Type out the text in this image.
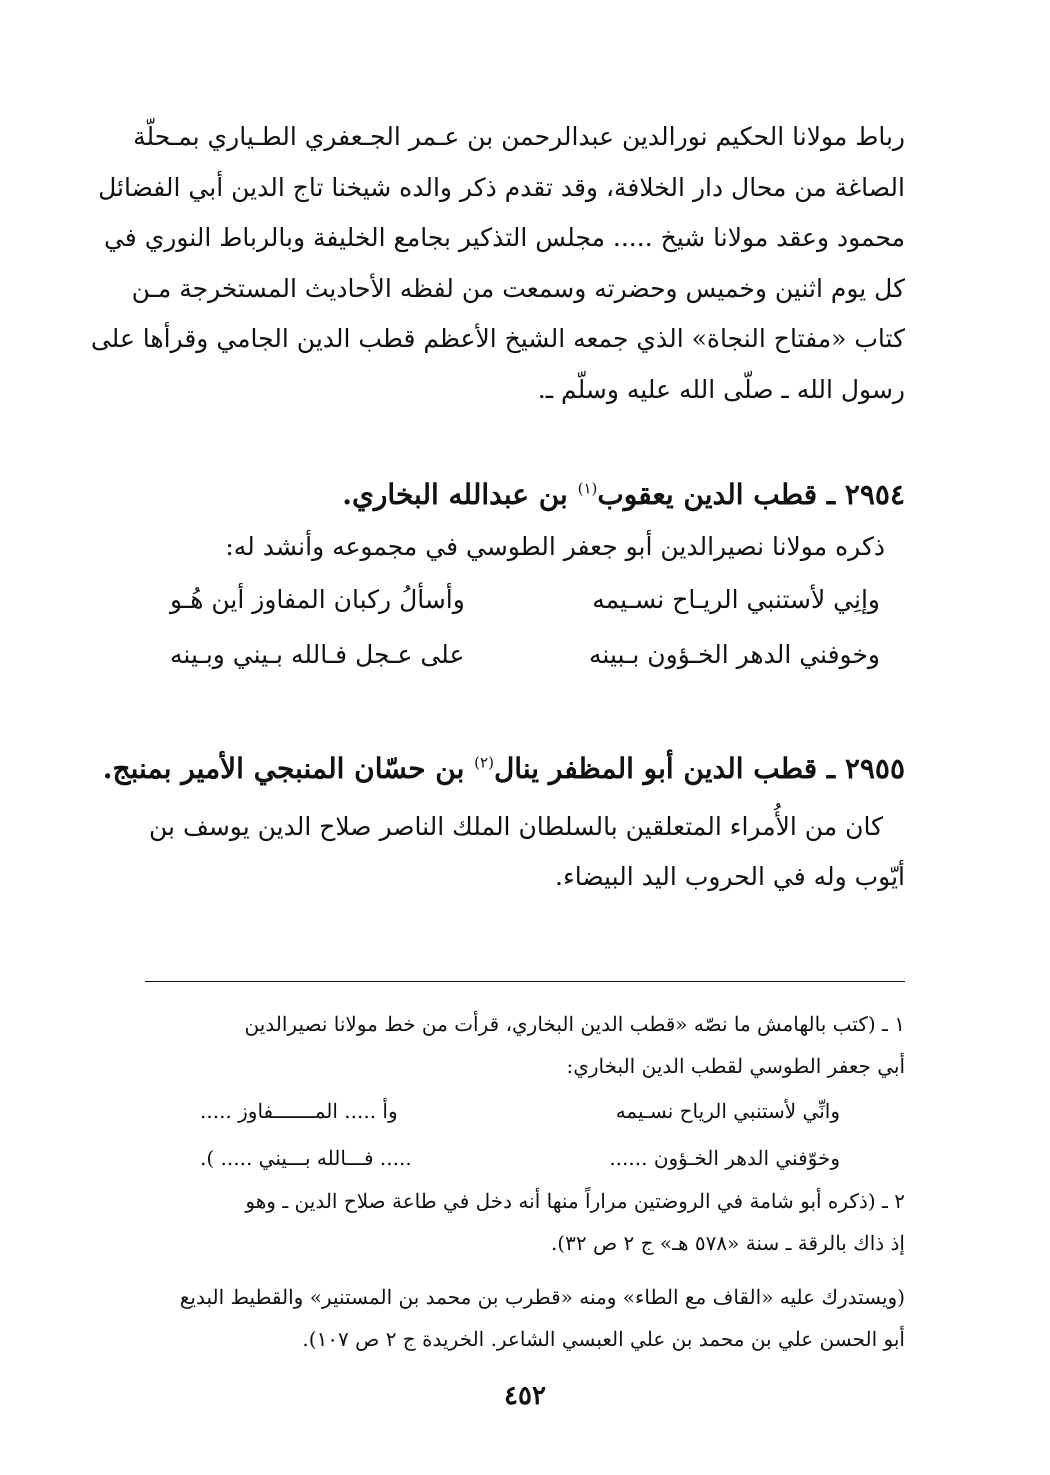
رباط مولانا الحكيم نورالدين عبدالرحمن بن عـمر الجـعفري الطـياري بمـحلّة

الصاغة من محال دار الخلافة، وقد تقدم ذكر والده شيخنا تاج الدين أبي الفضائل

محمود وعقد مولانا شيخ ..... مجلس التذكير بجامع الخليفة وبالرباط النوري في

كل يوم اثنين وخميس وحضرته وسمعت من لفظه الأحاديث المستخرجة مـن

كتاب «مفتاح النجاة» الذي جمعه الشيخ الأعظم قطب الدين الجامي وقرأها على

رسول الله ـ صلّى الله عليه وسلّم ـ.

٢٩٥٤ ـ قطب الدين يعقوب$^{(١)}$ بن عبدالله البخاري.
ذكره مولانا نصيرالدين أبو جعفر الطوسي في مجموعه وأنشد له:
وإنِي لأستنبي الريـاح نسـيمه
وأسألُ ركبان المفاوز أين هُـو
وخوفني الدهر الخـؤون بـبينه
على عـجل فـالله بـيني وبـينه
٢٩٥٥ ـ قطب الدين أبو المظفر ينال$^{(٢)}$ بن حسّان المنبجي الأمير بمنبج.

كان من الأُمراء المتعلقين بالسلطان الملك الناصر صلاح الدين يوسف بن

أيّوب وله في الحروب اليد البيضاء.

١ ـ (كتب بالهامش ما نصّه «قطب الدين البخاري، قرأت من خط مولانا نصيرالدين

أبي جعفر الطوسي لقطب الدين البخاري:

وانِّي لأستنبي الرياح نسـيمه
وأ ..... المـــــــفاوز .....
وخوّفني الدهر الخـؤون ......
..... فـــالله بـــيني ..... ).

٢ ـ (ذكره أبو شامة في الروضتين مراراً منها أنه دخل في طاعة صلاح الدين ـ وهو

إذ ذاك بالرقة ـ سنة «٥٧٨ هـ» ج ٢ ص ٣٢).

(ويستدرك عليه «القاف مع الطاء» ومنه «قطرب بن محمد بن المستنير» والقطيط البديع

أبو الحسن علي بن محمد بن علي العبسي الشاعر. الخريدة ج ٢ ص ١٠٧).

٤٥٢
